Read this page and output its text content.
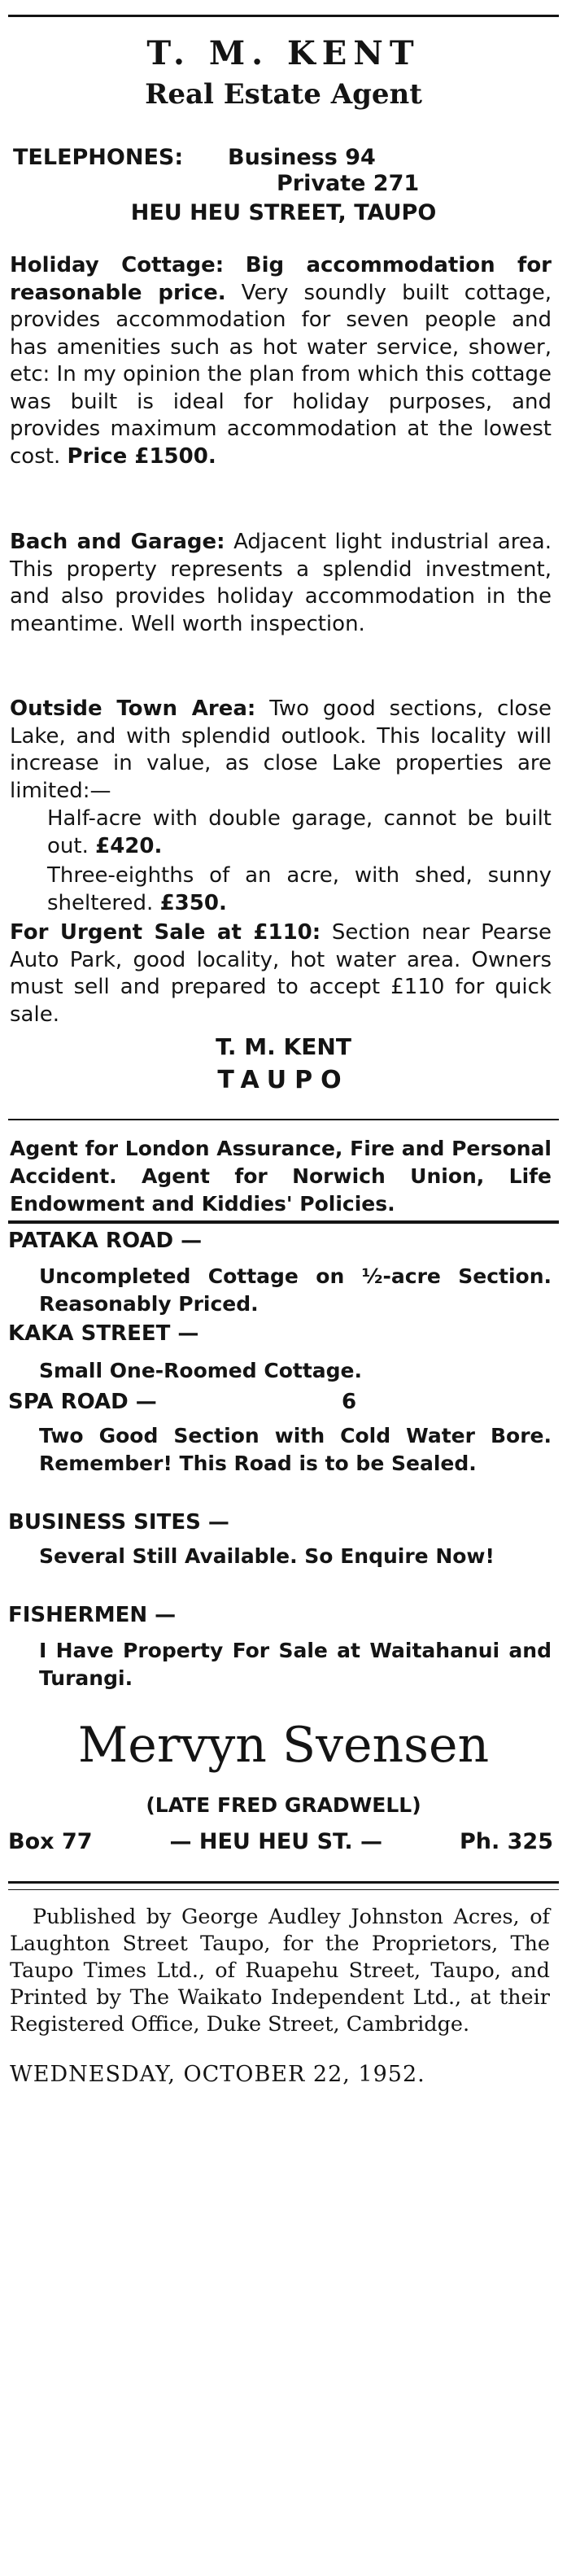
T. M. KENT
Real Estate Agent
TELEPHONES: Business 94
Private 271
HEU HEU STREET, TAUPO
Holiday Cottage: Big accommodation for reasonable price. Very soundly built cottage, provides accommodation for seven people and has amenities such as hot water service, shower, etc: In my opinion the plan from which this cottage was built is ideal for holiday purposes, and provides maximum accommodation at the lowest cost. Price £1500.
Bach and Garage: Adjacent light industrial area. This property represents a splendid investment, and also provides holiday accommodation in the meantime. Well worth inspection.
Outside Town Area: Two good sections, close Lake, and with splendid outlook. This locality will increase in value, as close Lake properties are limited:—
Half-acre with double garage, cannot be built out. £420.
Three-eighths of an acre, with shed, sunny sheltered. £350.
For Urgent Sale at £110: Section near Pearse Auto Park, good locality, hot water area. Owners must sell and prepared to accept £110 for quick sale.
T. M. KENT
TAUPO
Agent for London Assurance, Fire and Personal Accident. Agent for Norwich Union, Life Endowment and Kiddies' Policies.
PATAKA ROAD —
Uncompleted Cottage on ½-acre Section. Reasonably Priced.
KAKA STREET —
Small One-Roomed Cottage.
SPA ROAD —	6
Two Good Section with Cold Water Bore. Remember! This Road is to be Sealed.
BUSINESS SITES —
Several Still Available. So Enquire Now!
FISHERMEN —
I Have Property For Sale at Waitahanui and Turangi.
Mervyn Svensen
(LATE FRED GRADWELL)
Box 77	— HEU HEU ST. —	Ph. 325
Published by George Audley Johnston Acres, of Laughton Street Taupo, for the Proprietors, The Taupo Times Ltd., of Ruapehu Street, Taupo, and Printed by The Waikato Independent Ltd., at their Registered Office, Duke Street, Cambridge.
WEDNESDAY, OCTOBER 22, 1952.
